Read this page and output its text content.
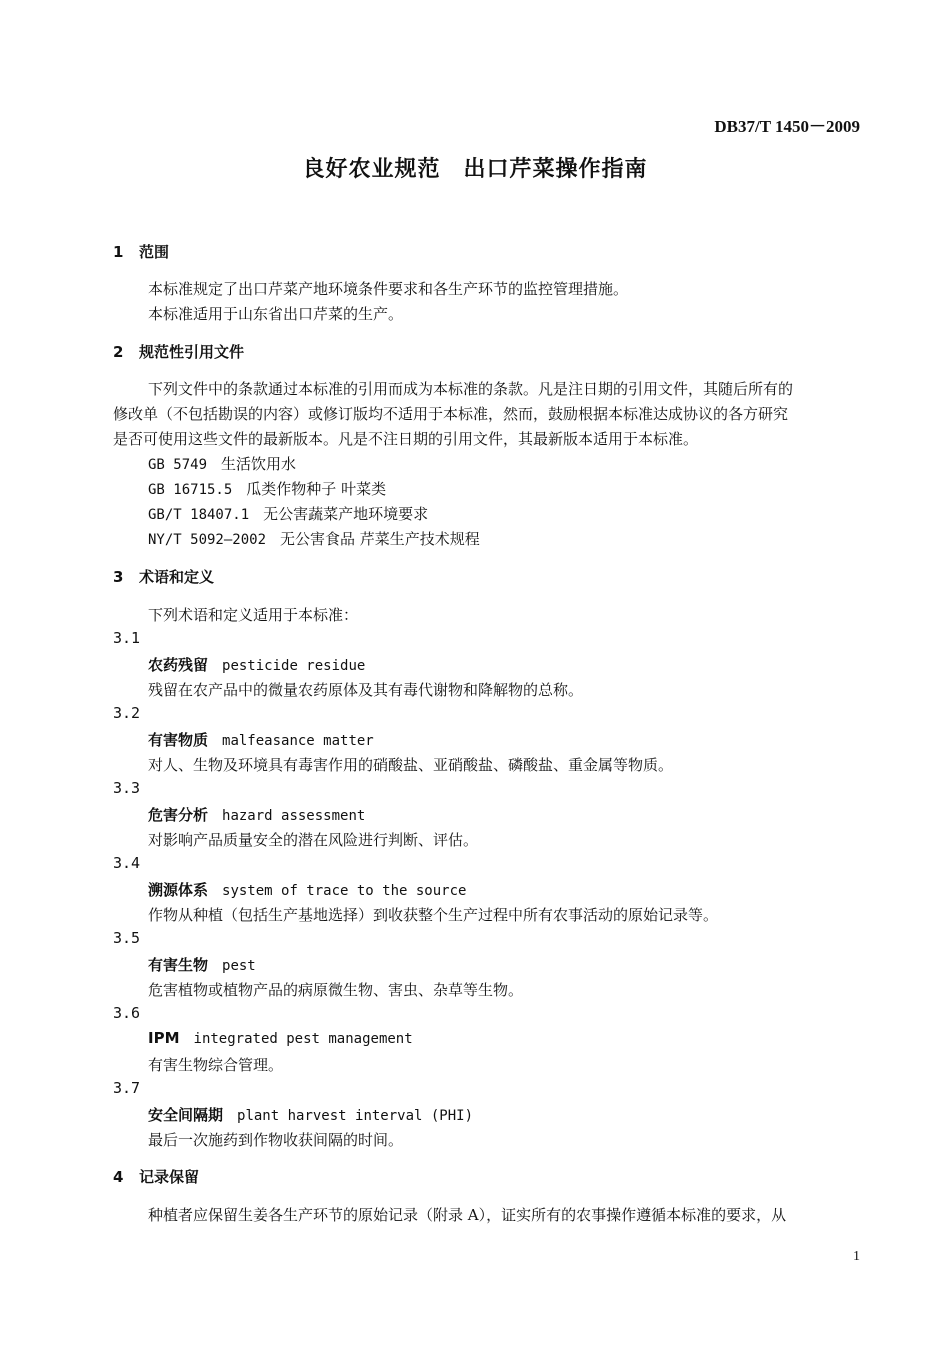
DB37/T 1450－2009
良好农业规范　出口芹菜操作指南
1 范围
本标准规定了出口芹菜产地环境条件要求和各生产环节的监控管理措施。
本标准适用于山东省出口芹菜的生产。
2 规范性引用文件
下列文件中的条款通过本标准的引用而成为本标准的条款。凡是注日期的引用文件，其随后所有的
修改单（不包括勘误的内容）或修订版均不适用于本标准，然而，鼓励根据本标准达成协议的各方研究
是否可使用这些文件的最新版本。凡是不注日期的引用文件，其最新版本适用于本标准。
GB 5749 生活饮用水
GB 16715.5 瓜类作物种子 叶菜类
GB/T 18407.1 无公害蔬菜产地环境要求
NY/T 5092—2002 无公害食品 芹菜生产技术规程
3 术语和定义
下列术语和定义适用于本标准：
3.1
农药残留 pesticide residue
残留在农产品中的微量农药原体及其有毒代谢物和降解物的总称。
3.2
有害物质 malfeasance matter
对人、生物及环境具有毒害作用的硝酸盐、亚硝酸盐、磷酸盐、重金属等物质。
3.3
危害分析 hazard assessment
对影响产品质量安全的潜在风险进行判断、评估。
3.4
溯源体系 system of trace to the source
作物从种植（包括生产基地选择）到收获整个生产过程中所有农事活动的原始记录等。
3.5
有害生物 pest
危害植物或植物产品的病原微生物、害虫、杂草等生物。
3.6
IPM integrated pest management
有害生物综合管理。
3.7
安全间隔期 plant harvest interval (PHI)
最后一次施药到作物收获间隔的时间。
4 记录保留
种植者应保留生姜各生产环节的原始记录（附录 A），证实所有的农事操作遵循本标准的要求，从
1
